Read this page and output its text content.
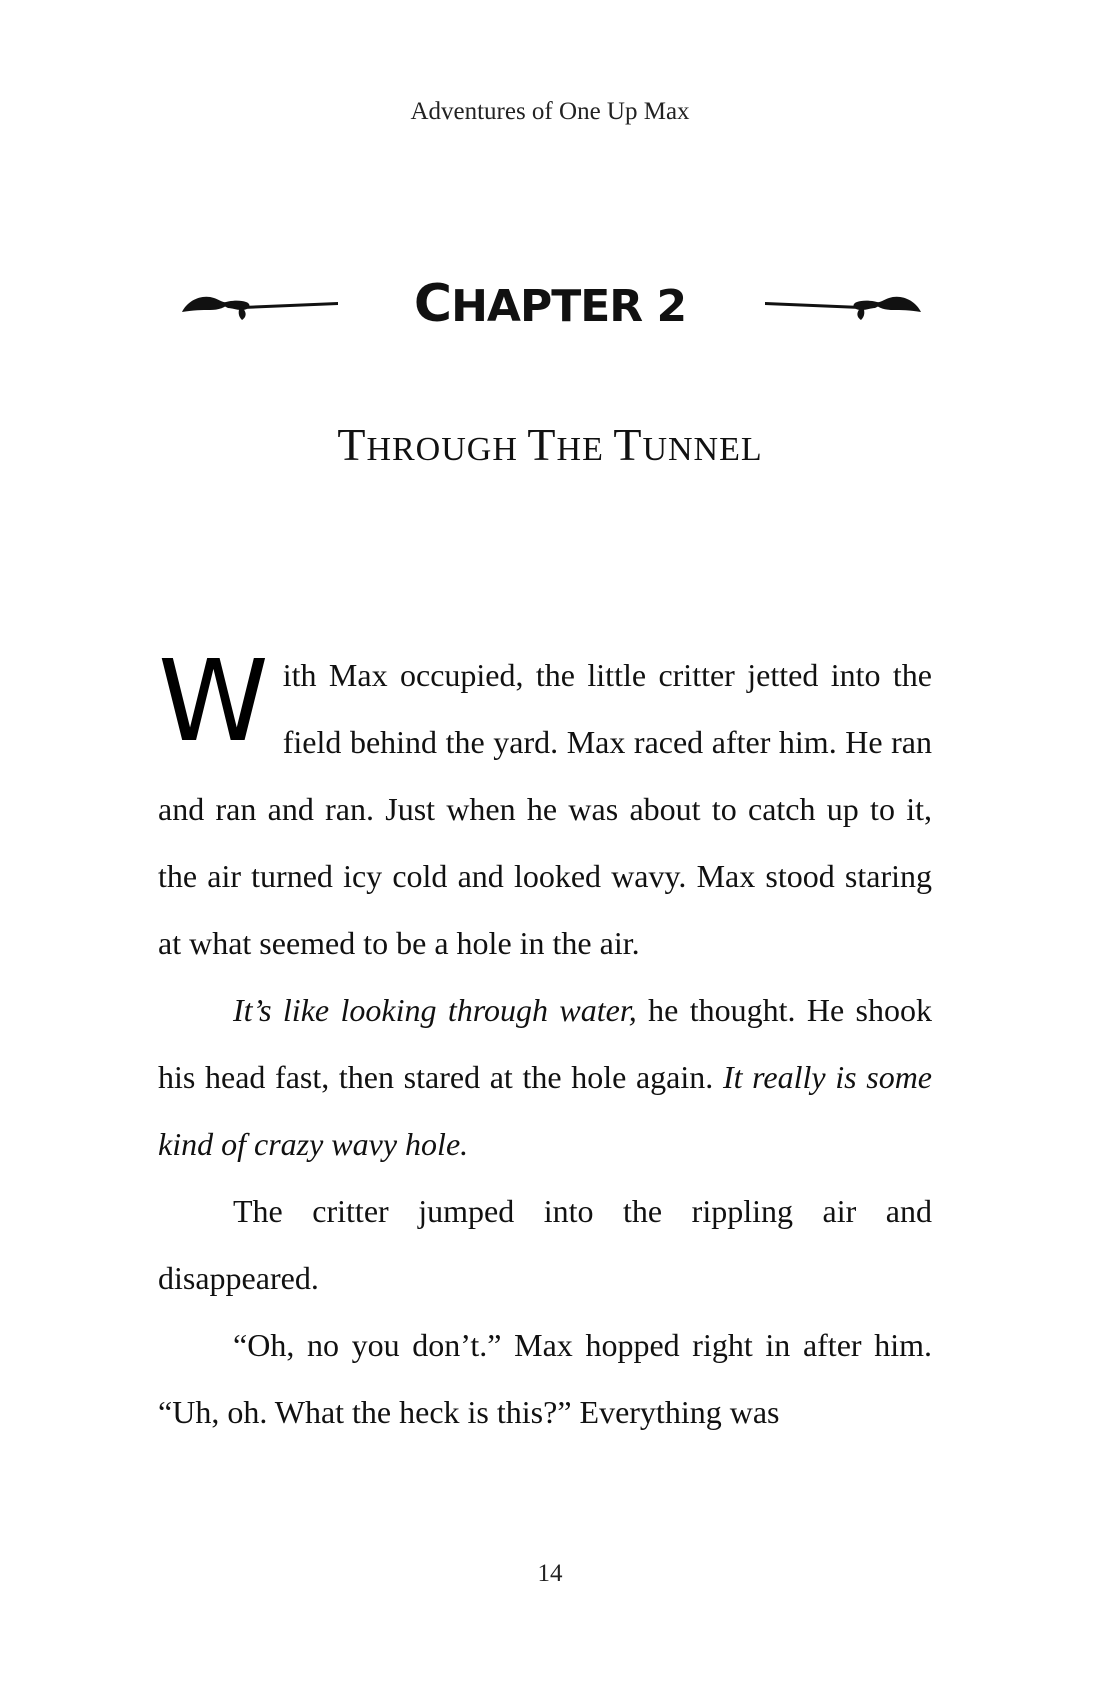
Adventures of One Up Max
CHAPTER 2
THROUGH THE TUNNEL

With Max occupied, the little critter jetted into the field behind the yard. Max raced after him. He ran and ran and ran. Just when he was about to catch up to it, the air turned icy cold and looked wavy. Max stood staring at what seemed to be a hole in the air.

It’s like looking through water, he thought. He shook his head fast, then stared at the hole again. It really is some kind of crazy wavy hole.

The critter jumped into the rippling air and disappeared.

“Oh, no you don’t.” Max hopped right in after him. “Uh, oh. What the heck is this?” Everything was

14
